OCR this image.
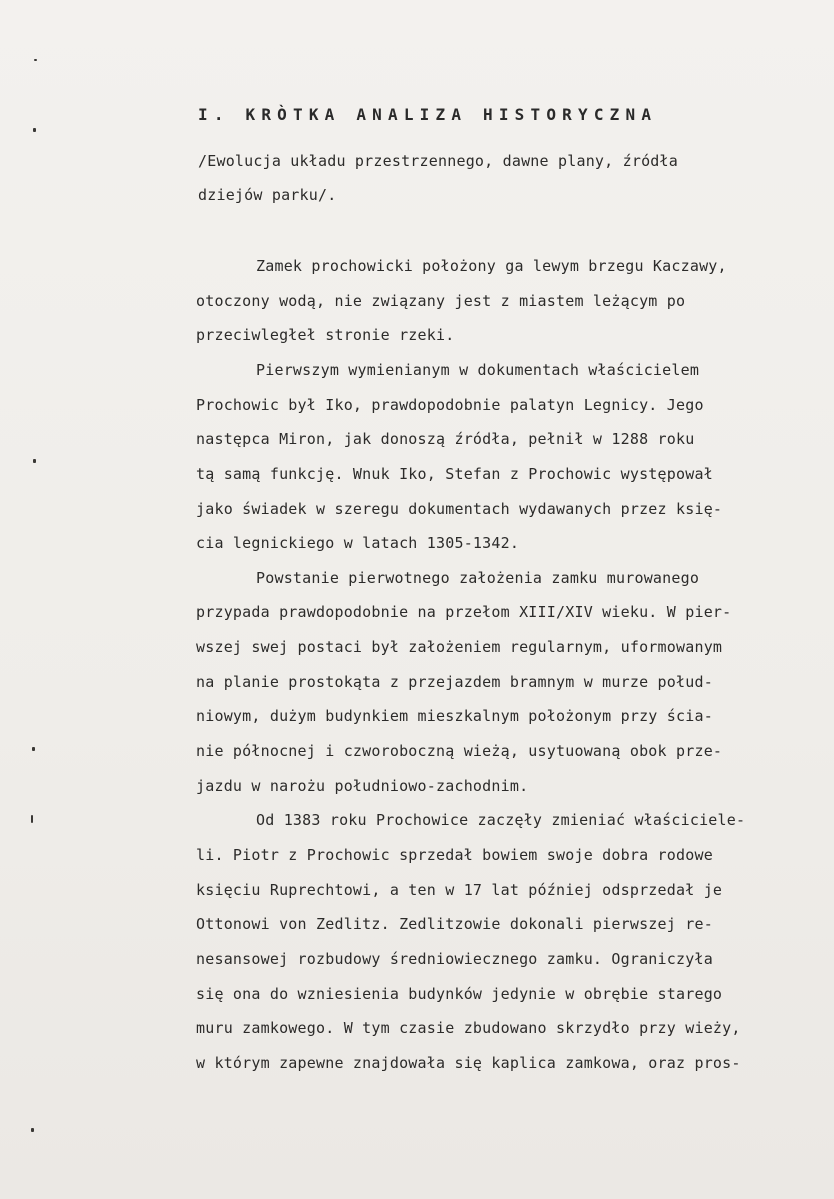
I. KRÒTKA ANALIZA HISTORYCZNA
/Ewolucja układu przestrzennego, dawne plany, źródła
dziejów parku/.
Zamek prochowicki położony ga lewym brzegu Kaczawy,
otoczony wodą, nie związany jest z miastem leżącym po
przeciwległeł stronie rzeki.
Pierwszym wymienianym w dokumentach właścicielem
Prochowic był Iko, prawdopodobnie palatyn Legnicy. Jego
następca Miron, jak donoszą źródła, pełnił w 1288 roku
tą samą funkcję. Wnuk Iko, Stefan z Prochowic występował
jako świadek w szeregu dokumentach wydawanych przez księ-
cia legnickiego w latach 1305-1342.
Powstanie pierwotnego założenia zamku murowanego
przypada prawdopodobnie na przełom XIII/XIV wieku. W pier-
wszej swej postaci był założeniem regularnym, uformowanym
na planie prostokąta z przejazdem bramnym w murze połud-
niowym, dużym budynkiem mieszkalnym położonym przy ścia-
nie północnej i czworoboczną wieżą, usytuowaną obok prze-
jazdu w narożu południowo-zachodnim.
Od 1383 roku Prochowice zaczęły zmieniać właściciele-
li. Piotr z Prochowic sprzedał bowiem swoje dobra rodowe
księciu Ruprechtowi, a ten w 17 lat później odsprzedał je
Ottonowi von Zedlitz. Zedlitzowie dokonali pierwszej re-
nesansowej rozbudowy średniowiecznego zamku. Ograniczyła
się ona do wzniesienia budynków jedynie w obrębie starego
muru zamkowego. W tym czasie zbudowano skrzydło przy wieży,
w którym zapewne znajdowała się kaplica zamkowa, oraz pros-
